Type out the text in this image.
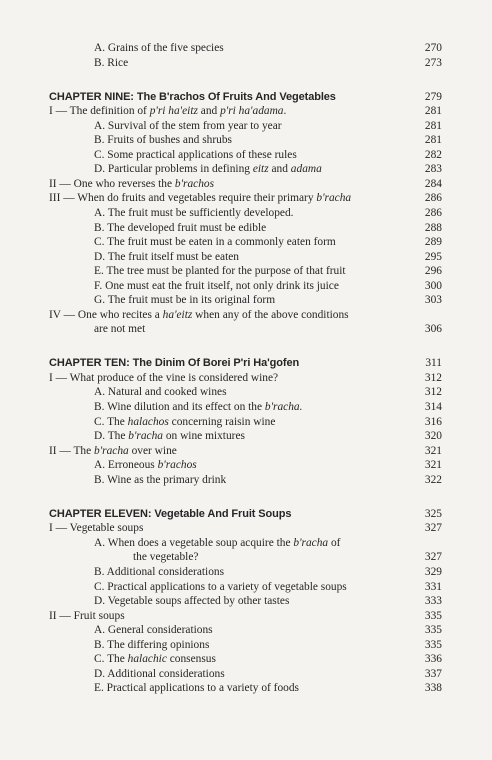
A. Grains of the five species	270
B. Rice	273
CHAPTER NINE: The B'rachos Of Fruits And Vegetables	279
I — The definition of p'ri ha'eitz and p'ri ha'adama.	281
A. Survival of the stem from year to year	281
B. Fruits of bushes and shrubs	281
C. Some practical applications of these rules	282
D. Particular problems in defining eitz and adama	283
II — One who reverses the b'rachos	284
III — When do fruits and vegetables require their primary b'racha	286
A. The fruit must be sufficiently developed.	286
B. The developed fruit must be edible	288
C. The fruit must be eaten in a commonly eaten form	289
D. The fruit itself must be eaten	295
E. The tree must be planted for the purpose of that fruit	296
F. One must eat the fruit itself, not only drink its juice	300
G. The fruit must be in its original form	303
IV — One who recites a ha'eitz when any of the above conditions
are not met	306
CHAPTER TEN: The Dinim Of Borei P'ri Ha'gofen	311
I — What produce of the vine is considered wine?	312
A. Natural and cooked wines	312
B. Wine dilution and its effect on the b'racha.	314
C. The halachos concerning raisin wine	316
D. The b'racha on wine mixtures	320
II — The b'racha over wine	321
A. Erroneous b'rachos	321
B. Wine as the primary drink	322
CHAPTER ELEVEN: Vegetable And Fruit Soups	325
I — Vegetable soups	327
A. When does a vegetable soup acquire the b'racha of
the vegetable?	327
B. Additional considerations	329
C. Practical applications to a variety of vegetable soups	331
D. Vegetable soups affected by other tastes	333
II — Fruit soups	335
A. General considerations	335
B. The differing opinions	335
C. The halachic consensus	336
D. Additional considerations	337
E. Practical applications to a variety of foods	338
